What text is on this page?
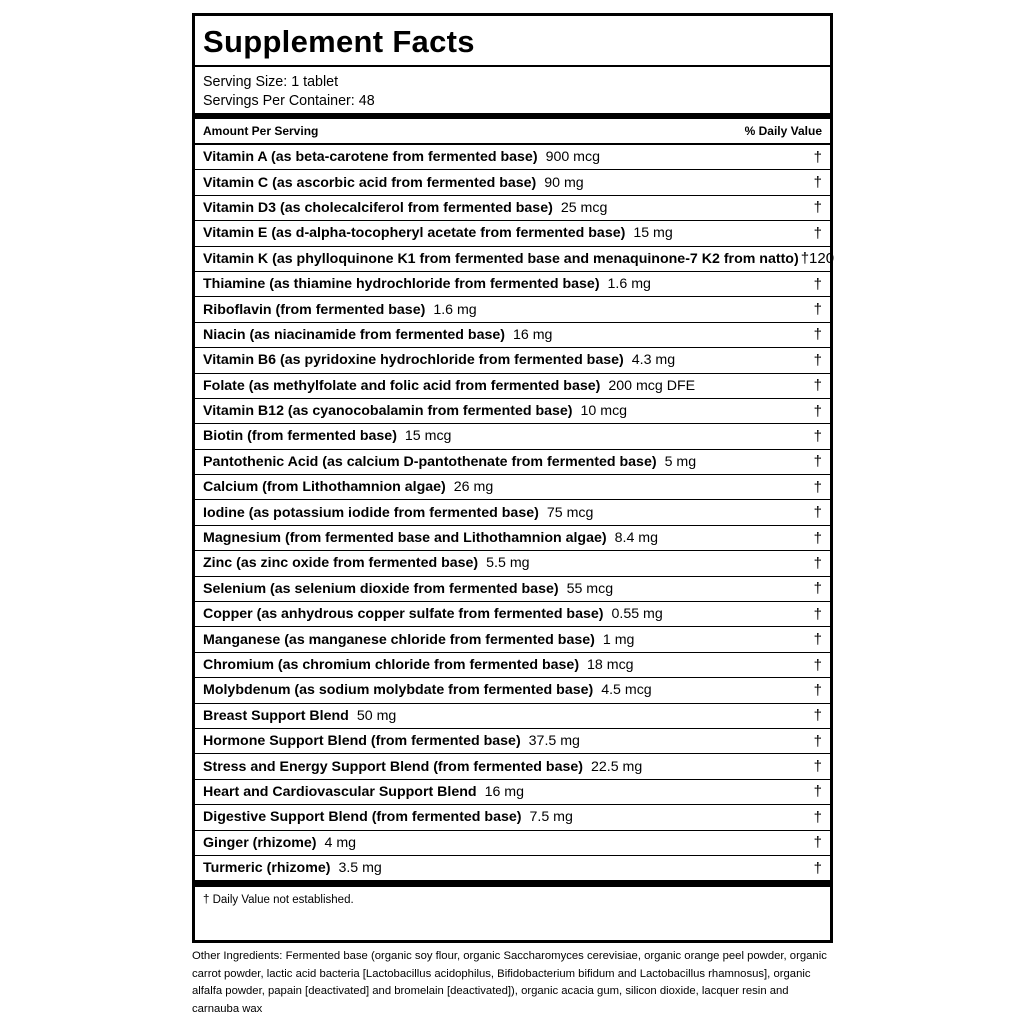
Supplement Facts
Serving Size: 1 tablet
Servings Per Container: 48
Amount Per Serving	% Daily Value
Vitamin A (as beta-carotene from fermented base) 900 mcg	†
Vitamin C (as ascorbic acid from fermented base) 90 mg	†
Vitamin D3 (as cholecalciferol from fermented base) 25 mcg	†
Vitamin E (as d-alpha-tocopheryl acetate from fermented base) 15 mg	†
Vitamin K (as phylloquinone K1 from fermented base and menaquinone-7 K2 from natto) †120
Thiamine (as thiamine hydrochloride from fermented base) 1.6 mg	†
Riboflavin (from fermented base) 1.6 mg	†
Niacin (as niacinamide from fermented base) 16 mg	†
Vitamin B6 (as pyridoxine hydrochloride from fermented base) 4.3 mg	†
Folate (as methylfolate and folic acid from fermented base) 200 mcg DFE	†
Vitamin B12 (as cyanocobalamin from fermented base) 10 mcg	†
Biotin (from fermented base) 15 mcg	†
Pantothenic Acid (as calcium D-pantothenate from fermented base) 5 mg	†
Calcium (from Lithothamnion algae) 26 mg	†
Iodine (as potassium iodide from fermented base) 75 mcg	†
Magnesium (from fermented base and Lithothamnion algae) 8.4 mg	†
Zinc (as zinc oxide from fermented base) 5.5 mg	†
Selenium (as selenium dioxide from fermented base) 55 mcg	†
Copper (as anhydrous copper sulfate from fermented base) 0.55 mg	†
Manganese (as manganese chloride from fermented base) 1 mg	†
Chromium (as chromium chloride from fermented base) 18 mcg	†
Molybdenum (as sodium molybdate from fermented base) 4.5 mcg	†
Breast Support Blend 50 mg	†
Hormone Support Blend (from fermented base) 37.5 mg	†
Stress and Energy Support Blend (from fermented base) 22.5 mg	†
Heart and Cardiovascular Support Blend 16 mg	†
Digestive Support Blend (from fermented base) 7.5 mg	†
Ginger (rhizome) 4 mg	†
Turmeric (rhizome) 3.5 mg	†
† Daily Value not established.
Other Ingredients: Fermented base (organic soy flour, organic Saccharomyces cerevisiae, organic orange peel powder, organic carrot powder, lactic acid bacteria [Lactobacillus acidophilus, Bifidobacterium bifidum and Lactobacillus rhamnosus], organic alfalfa powder, papain [deactivated] and bromelain [deactivated]), organic acacia gum, silicon dioxide, lacquer resin and carnauba wax
